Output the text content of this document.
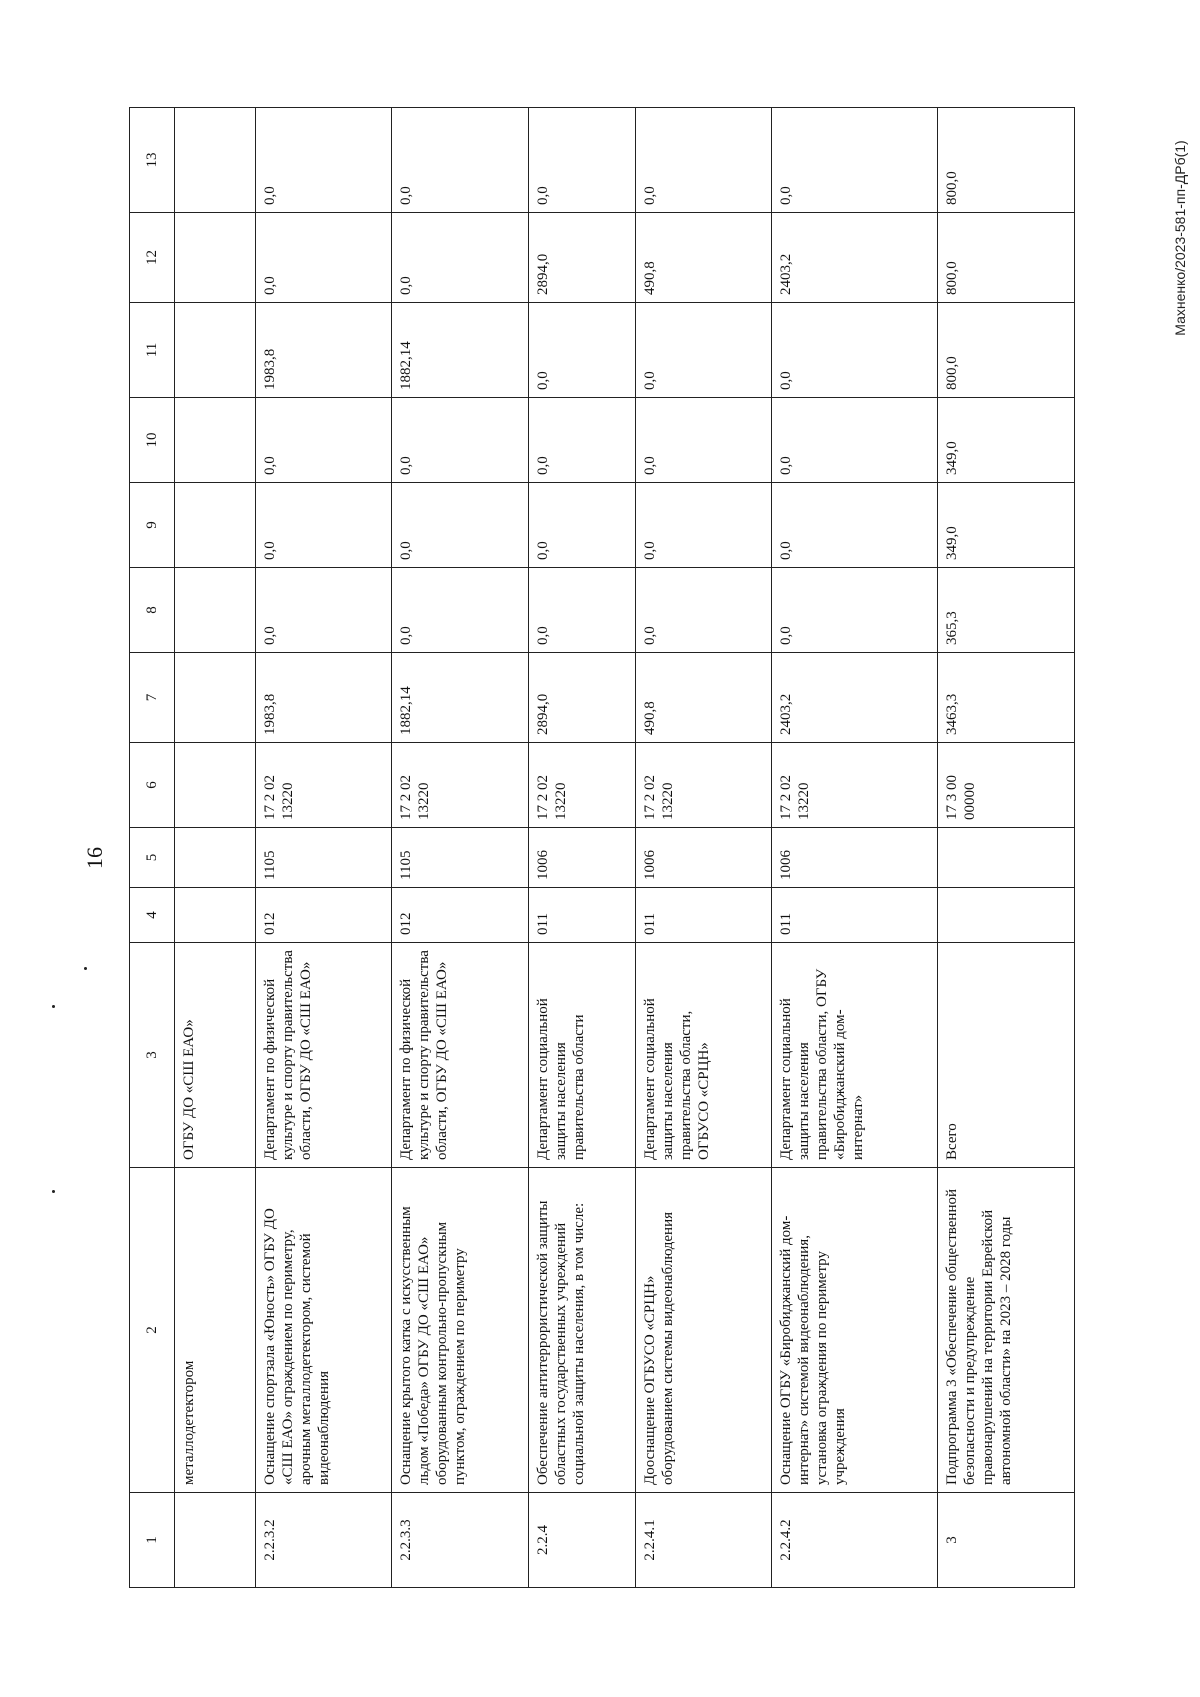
16
Махненко/2023-581-пп-ДРб(1)
1	2	3	4	5	6	7	8	9	10	11	12	13
	металлодетектором	ОГБУ ДО «СШ ЕАО»										
2.2.3.2	Оснащение спортзала «Юность» ОГБУ ДО «СШ ЕАО» ограждением по периметру, арочным металлодетектором, системой видеонаблюдения	Департамент по физической культуре и спорту правительства области, ОГБУ ДО «СШ ЕАО»	012	1105	17 2 02 13220	1983,8	0,0	0,0	0,0	1983,8	0,0	0,0
2.2.3.3	Оснащение крытого катка с искусственным льдом «Победа» ОГБУ ДО «СШ ЕАО» оборудованным контрольно-пропускным пунктом, ограждением по периметру	Департамент по физической культуре и спорту правительства области, ОГБУ ДО «СШ ЕАО»	012	1105	17 2 02 13220	1882,14	0,0	0,0	0,0	1882,14	0,0	0,0
2.2.4	Обеспечение антитеррористической защиты областных государственных учреждений социальной защиты населения, в том числе:	Департамент социальной защиты населения правительства области	011	1006	17 2 02 13220	2894,0	0,0	0,0	0,0	0,0	2894,0	0,0
2.2.4.1	Дооснащение ОГБУСО «СРЦН» оборудованием системы видеонаблюдения	Департамент социальной защиты населения правительства области, ОГБУСО «СРЦН»	011	1006	17 2 02 13220	490,8	0,0	0,0	0,0	0,0	490,8	0,0
2.2.4.2	Оснащение ОГБУ «Биробиджанский дом-интернат» системой видеонаблюдения, установка ограждения по периметру учреждения	Департамент социальной защиты населения правительства области, ОГБУ «Биробиджанский дом-интернат»	011	1006	17 2 02 13220	2403,2	0,0	0,0	0,0	0,0	2403,2	0,0
3	Подпрограмма 3 «Обеспечение общественной безопасности и предупреждение правонарушений на территории Еврейской автономной области» на 2023 – 2028 годы	Всего			17 3 00 00000	3463,3	365,3	349,0	349,0	800,0	800,0	800,0
